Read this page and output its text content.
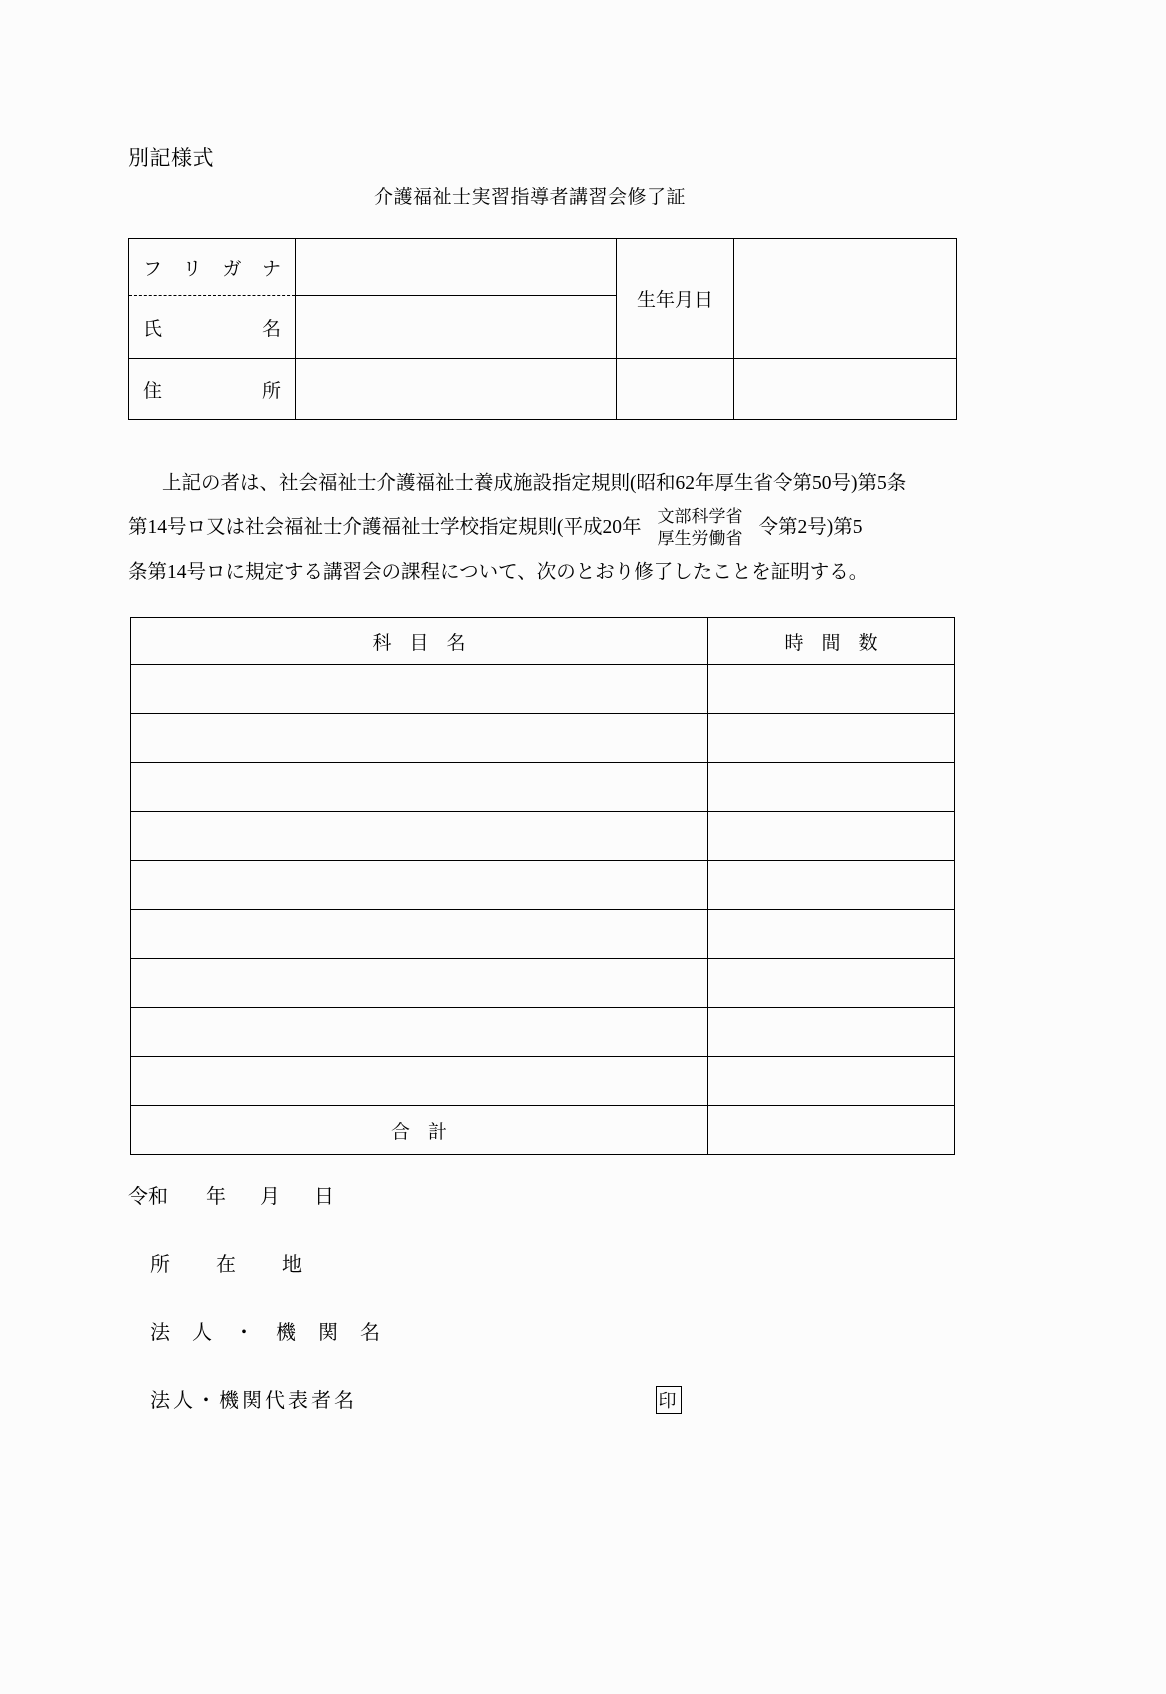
別記様式
介護福祉士実習指導者講習会修了証
フ リ ガ ナ		生年月日	

氏 名			

住 所			

上記の者は、社会福祉士介護福祉士養成施設指定規則(昭和62年厚生省令第50号)第5条
第14号ロ又は社会福祉士介護福祉士学校指定規則(平成20年
文部科学省
厚生労働省
令第2号)第5
条第14号ロに規定する講習会の課程について、次のとおり修了したことを証明する。
科 目 名	時 間 数

合 計	

令和 年 月 日
所 在 地
法 人 ・ 機 関 名
法人・機関代表者名	印
